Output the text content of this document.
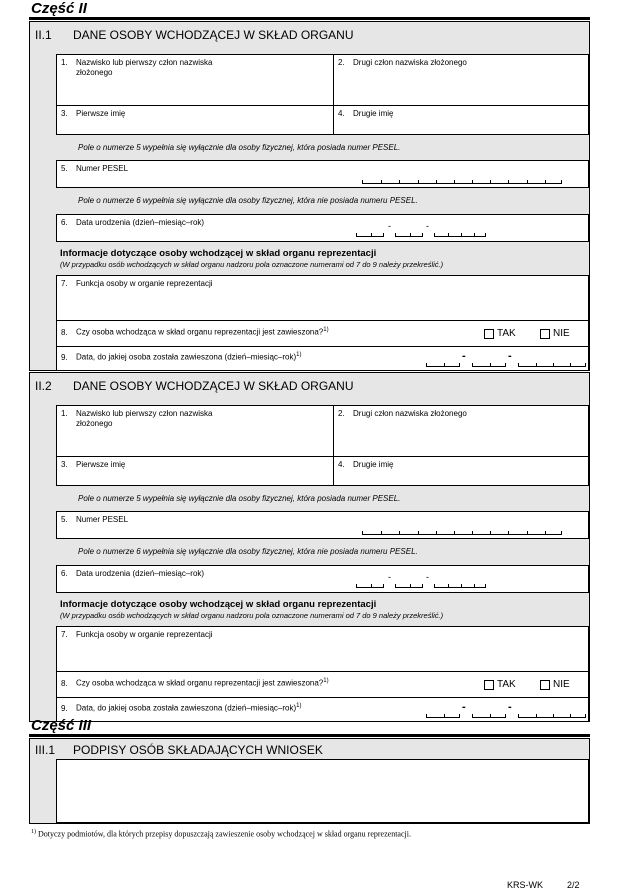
Część II
II.1 DANE OSOBY WCHODZĄCEJ W SKŁAD ORGANU
1. Nazwisko lub pierwszy człon nazwiska
złożonego
2. Drugi człon nazwiska złożonego
3. Pierwsze imię	4. Drugie imię
Pole o numerze 5 wypełnia się wyłącznie dla osoby fizycznej, która posiada numer PESEL.
5. Numer PESEL
Pole o numerze 6 wypełnia się wyłącznie dla osoby fizycznej, która nie posiada numeru PESEL.
6. Data urodzenia (dzień–miesiąc–rok)	-	-
Informacje dotyczące osoby wchodzącej w skład organu reprezentacji
(W przypadku osób wchodzących w skład organu nadzoru pola oznaczone numerami od 7 do 9 należy przekreślić.)
7. Funkcja osoby w organie reprezentacji
8. Czy osoba wchodząca w skład organu reprezentacji jest zawieszona?$^{1)}$	TAK	NIE
9. Data, do jakiej osoba została zawieszona (dzień–miesiąc–rok)$^{1)}$	-	-
II.2 DANE OSOBY WCHODZĄCEJ W SKŁAD ORGANU
1. Nazwisko lub pierwszy człon nazwiska
złożonego
2. Drugi człon nazwiska złożonego
3. Pierwsze imię	4. Drugie imię
Pole o numerze 5 wypełnia się wyłącznie dla osoby fizycznej, która posiada numer PESEL.
5. Numer PESEL
Pole o numerze 6 wypełnia się wyłącznie dla osoby fizycznej, która nie posiada numeru PESEL.
6. Data urodzenia (dzień–miesiąc–rok)	-	-
Informacje dotyczące osoby wchodzącej w skład organu reprezentacji
(W przypadku osób wchodzących w skład organu nadzoru pola oznaczone numerami od 7 do 9 należy przekreślić.)
7. Funkcja osoby w organie reprezentacji
8. Czy osoba wchodząca w skład organu reprezentacji jest zawieszona?$^{1)}$	TAK	NIE
9. Data, do jakiej osoba została zawieszona (dzień–miesiąc–rok)$^{1)}$	-	-
Część III
III.1 PODPISY OSÓB SKŁADAJĄCYCH WNIOSEK
$^{1)}$ Dotyczy podmiotów, dla których przepisy dopuszczają zawieszenie osoby wchodzącej w skład organu reprezentacji.
KRS-WK	2/2
